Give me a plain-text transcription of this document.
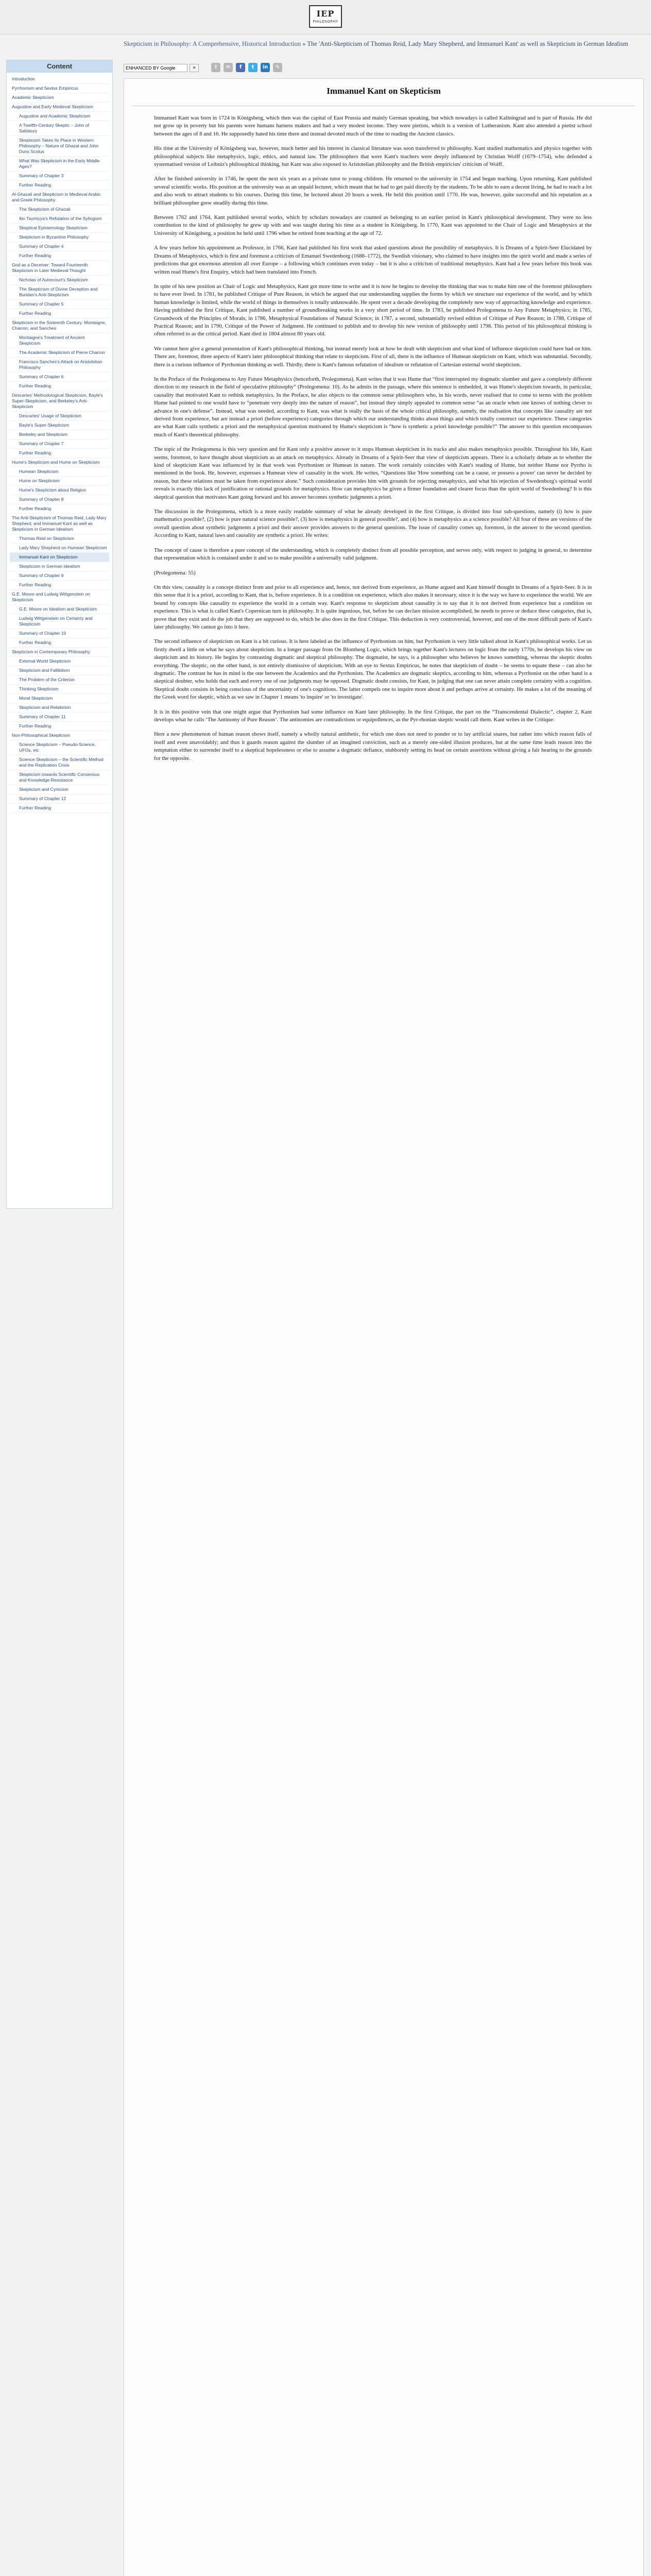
IEP
PHILOSOPHY
Skepticism in Philosophy: A Comprehensive, Historical Introduction » The 'Anti-Skepticism of Thomas Reid, Lady Mary Shepherd, and Immanuel Kant' as well as Skepticism in German Idealism
ENHANCED BY Google
»	⇪	✉	f	t	in	✎
Content
Introduction
Pyrrhonism and Sextus Empiricus
Academic Skepticism
Augustine and Early Medieval Skepticism
Augustine and Academic Skepticism
A Twelfth-Century Skeptic – John of Salisbury
Skepticism Takes Its Place in Western Philosophy – Nature of Ghazal and John Duns Scotus
What Was Skepticism in the Early Middle Ages?
Summary of Chapter 3
Further Reading
Al-Ghazali and Skepticism in Medieval Arabic and Greek Philosophy
The Skepticism of Ghazali
Ibn Taymiyya's Refutation of the Syllogism
Skeptical Epistemology Skepticism
Skepticism in Byzantine Philosophy
Summary of Chapter 4
Further Reading
God as a Deceiver: Toward Fourteenth Skepticism in Later Medieval Thought
Nicholas of Autrecourt's Skepticism
The Skepticism of Divine Deception and Buridan's Anti-Skepticism
Summary of Chapter 5
Further Reading
Skepticism in the Sixteenth Century: Montaigne, Charron, and Sanches
Montaigne's Treatment of Ancient Skepticism
The Academic Skepticism of Pierre Charron
Francisco Sanches's Attack on Aristotelian Philosophy
Summary of Chapter 6
Further Reading
Descartes' Methodological Skepticism, Bayle's Super-Skepticism, and Berkeley's Anti-Skepticism
Descartes' Usage of Skepticism
Bayle's Super-Skepticism
Berkeley and Skepticism
Summary of Chapter 7
Further Reading
Hume's Skepticism and Hume on Skepticism
Humean Skepticism
Hume on Skepticism
Hume's Skepticism about Religion
Summary of Chapter 8
Further Reading
The Anti-Skepticism of Thomas Reid, Lady Mary Shepherd, and Immanuel Kant as well as Skepticism in German Idealism
Thomas Reid on Skepticism
Lady Mary Shepherd on Humean Skepticism
Immanuel Kant on Skepticism
Skepticism in German Idealism
Summary of Chapter 9
Further Reading
G.E. Moore and Ludwig Wittgenstein on Skepticism
G.E. Moore on Idealism and Skepticism
Ludwig Wittgenstein on Certainty and Skepticism
Summary of Chapter 10
Further Reading
Skepticism in Contemporary Philosophy
External World Skepticism
Skepticism and Fallibilism
The Problem of the Criterion
Thinking Skepticism
Moral Skepticism
Skepticism and Relativism
Summary of Chapter 11
Further Reading
Non-Philosophical Skepticism
Science Skepticism – Pseudo-Science, UFOs, etc
Science Skepticism – the Scientific Method and the Replication Crisis
Skepticism towards Scientific Consensus and Knowledge Resistance
Skepticism and Cynicism
Summary of Chapter 12
Further Reading
Immanuel Kant on Skepticism

Immanuel Kant was born in 1724 in Königsberg, which then was the capital of East Prussia and mainly German speaking, but which nowadays is called Kaliningrad and is part of Russia. He did not grow up in poverty but his parents were humans harness makers and had a very modest income. They were pietists, which is a version of Lutheranism. Kant also attended a pietist school between the ages of 8 and 16. He supposedly hated his time there and instead devoted much of the time to reading the Ancient classics.

His time at the University of Königsberg was, however, much better and his interest in classical literature was soon transferred to philosophy. Kant studied mathematics and physics together with philosophical subjects like metaphysics, logic, ethics, and natural law. The philosophers that were Kant's teachers were deeply influenced by Christian Wolff (1679–1754), who defended a systematised version of Leibniz's philosophical thinking, but Kant was also exposed to Aristotelian philosophy and the British empiricists' criticism of Wolff.

After he finished university in 1746, he spent the next six years as a private tutor to young children. He returned to the university in 1754 and began teaching. Upon returning, Kant published several scientific works. His position at the university was as an unpaid lecturer, which meant that he had to get paid directly by the students. To be able to earn a decent living, he had to teach a lot and also work to attract students to his courses. During this time, he lectured about 20 hours a week. He held this position until 1770. He was, however, quite successful and his reputation as a brilliant philosopher grew steadily during this time.

Between 1762 and 1764, Kant published several works, which by scholars nowadays are counted as belonging to an earlier period in Kant's philosophical development. They were no less contribution to the kind of philosophy he grew up with and was taught during his time as a student in Königsberg. In 1770, Kant was appointed to the Chair of Logic and Metaphysics at the University of Königsberg, a position he held until 1796 when he retired from teaching at the age of 72.

A few years before his appointment as Professor, in 1766, Kant had published his first work that asked questions about the possibility of metaphysics. It is Dreams of a Spirit-Seer Elucidated by Dreams of Metaphysics, which is first and foremost a criticism of Emanuel Swedenborg (1688–1772), the Swedish visionary, who claimed to have insights into the spirit world and made a series of predictions that got enormous attention all over Europe – a following which continues even today – but it is also a criticism of traditional metaphysics. Kant had a few years before this book was written read Hume's first Enquiry, which had been translated into French.

In spite of his new position as Chair of Logic and Metaphysics, Kant got more time to write and it is now he begins to develop the thinking that was to make him one of the foremost philosophers to have ever lived. In 1781, he published Critique of Pure Reason, in which he argued that our understanding supplies the forms by which we structure our experience of the world, and by which human knowledge is limited, while the world of things in themselves is totally unknowable. He spent over a decade developing the completely new way of approaching knowledge and experience. Having published the first Critique, Kant published a number of groundbreaking works in a very short period of time. In 1783, he published Prolegomena to Any Future Metaphysics; in 1785, Groundwork of the Principles of Morals; in 1786, Metaphysical Foundations of Natural Science; in 1787, a second, substantially revised edition of Critique of Pure Reason; in 1788, Critique of Practical Reason; and in 1790, Critique of the Power of Judgment. He continued to publish and to develop his new version of philosophy until 1798. This period of his philosophical thinking is often referred to as the critical period. Kant died in 1804 almost 80 years old.

We cannot here give a general presentation of Kant's philosophical thinking, but instead merely look at how he dealt with skepticism and what kind of influence skepticism could have had on him. There are, foremost, three aspects of Kant's later philosophical thinking that relate to skepticism. First of all, there is the influence of Humean skepticism on Kant, which was substantial. Secondly, there is a curious influence of Pyrrhonian thinking as well. Thirdly, there is Kant's famous refutation of idealism or refutation of Cartesian external world skepticism.

In the Preface of the Prolegomena to Any Future Metaphysics (henceforth, Prolegomena), Kant writes that it was Hume that “first interrupted my dogmatic slumber and gave a completely different direction to my research in the field of speculative philosophy” (Prolegomena: 10). As he admits in the passage, where this sentence is embedded, it was Hume's skepticism towards, in particular, causality that motivated Kant to rethink metaphysics. In the Preface, he also objects to the common sense philosophers who, in his words, never realised that to come to terms with the problem Hume had pointed to one would have to “penetrate very deeply into the nature of reason”, but instead they simply appealed to common sense “as an oracle when one knows of nothing clever to advance in one's defense”. Instead, what was needed, according to Kant, was what is really the basis of the whole critical philosophy, namely, the realisation that concepts like causality are not derived from experience, but are instead a priori (before experience) categories through which our understanding thinks about things and which totally construct our experience. These categories are what Kant calls synthetic a priori and the metaphysical question motivated by Hume's skepticism is “how is synthetic a priori knowledge possible?” The answer to this question encompasses much of Kant's theoretical philosophy.

The topic of the Prolegomena is this very question and for Kant only a positive answer to it stops Humean skepticism in its tracks and also makes metaphysics possible. Throughout his life, Kant seems, foremost, to have thought about skepticism as an attack on metaphysics. Already in Dreams of a Spirit-Seer that view of skepticism appears. There is a scholarly debate as to whether the kind of skepticism Kant was influenced by in that work was Pyrrhonism or Humean in nature. The work certainly coincides with Kant's reading of Hume, but neither Hume nor Pyrrho is mentioned in the book. He, however, expresses a Humean view of causality in the work. He writes, “Questions like 'How something can be a cause, or possess a power' can never be decided by reason, but these relations must be taken from experience alone.” Such consideration provides him with grounds for rejecting metaphysics, and what his rejection of Swedenborg's spiritual world reveals is exactly this lack of justification or rational grounds for metaphysics. How can metaphysics be given a firmer foundation and clearer focus than the spirit world of Swedenborg? It is this skeptical question that motivates Kant going forward and his answer becomes synthetic judgments a priori.

The discussion in the Prolegomena, which is a more easily readable summary of what he already developed in the first Critique, is divided into four sub-questions, namely (i) how is pure mathematics possible?, (2) how is pure natural science possible?, (3) how is metaphysics in general possible?, and (4) how is metaphysics as a science possible? All four of these are versions of the overall question about synthetic judgments a priori and their answer provides answers to the general questions. The issue of causality comes up, foremost, in the answer to the second question. According to Kant, natural laws and causality are synthetic a priori. He writes:

The concept of cause is therefore a pure concept of the understanding, which is completely distinct from all possible perception, and serves only, with respect to judging in general, to determine that representation which is contained under it and so to make possible a universally valid judgment.

(Prolegomena: 55)

On this view, causality is a concept distinct from and prior to all experience and, hence, not derived from experience, as Hume argued and Kant himself thought in Dreams of a Spirit-Seer. It is in this sense that it is a priori, according to Kant, that is, before experience. It is a condition on experience, which also makes it necessary, since it is the way we have to experience the world. We are bound by concepts like causality to experience the world in a certain way. Kant's response to skepticism about causality is to say that it is not derived from experience but a condition on experience. This is what is called Kant's Copernican turn in philosophy. It is quite ingenious, but, before he can declare mission accomplished, he needs to prove or deduce these categories, that is, prove that they exist and do the job that they are supposed to do, which he also does in the first Critique. This deduction is very controversial, however, and one of the most difficult parts of Kant's later philosophy. We cannot go into it here.

The second influence of skepticism on Kant is a bit curious. It is here labeled as the influence of Pyrrhonism on him, but Pyrrhonism is very little talked about in Kant's philosophical works. Let us firstly dwell a little on what he says about skepticism. In a longer passage from On Blomberg Logic, which brings together Kant's lectures on logic from the early 1770s, he develops his view on skepticism and its history. He begins by contrasting dogmatic and skeptical philosophy. The dogmatist, he says, is a philosopher who believes he knows something, whereas the skeptic doubts everything. The skeptic, on the other hand, is not entirely dismissive of skepticism. With an eye to Sextus Empiricus, he notes that skepticism of doubt – he seems to equate these – can also be dogmatic. The contrast he has in mind is the one between the Academics and the Pyrrhonists. The Academics are dogmatic skeptics, according to him, whereas a Pyrrhonist on the other hand is a skeptical doubter, who holds that each and every one of our judgments may be opposed. Dogmatic doubt consists, for Kant, in judging that one can never attain complete certainty with a cognition. Skeptical doubt consists in being conscious of the uncertainty of one's cognitions. The latter compels one to inquire more about it and perhaps arrive at certainty. He makes a lot of the meaning of the Greek word for skeptic, which as we saw in Chapter 1 means 'to inquire' or 'to investigate'.

It is in this positive vein that one might argue that Pyrrhonism had some influence on Kant later philosophy. In the first Critique, the part on the “Transcendental Dialectic”, chapter 2, Kant develops what he calls ‘The Antinomy of Pure Reason’. The antinomies are contradictions or equipollences, as the Pyr-rhonian skeptic would call them. Kant writes in the Critique:

Here a new phenomenon of human reason shows itself, namely a wholly natural antithetic, for which one does not need to ponder or to lay artificial snares, but rather into which reason falls of itself and even unavoidably; and thus it guards reason against the slumber of an imagined conviction, such as a merely one-sided illusion produces, but at the same time leads reason into the temptation either to surrender itself to a skeptical hopelessness or else to assume a dogmatic defiance, stubbornly setting its head on certain assertions without giving a fair hearing to the grounds for the opposite.
